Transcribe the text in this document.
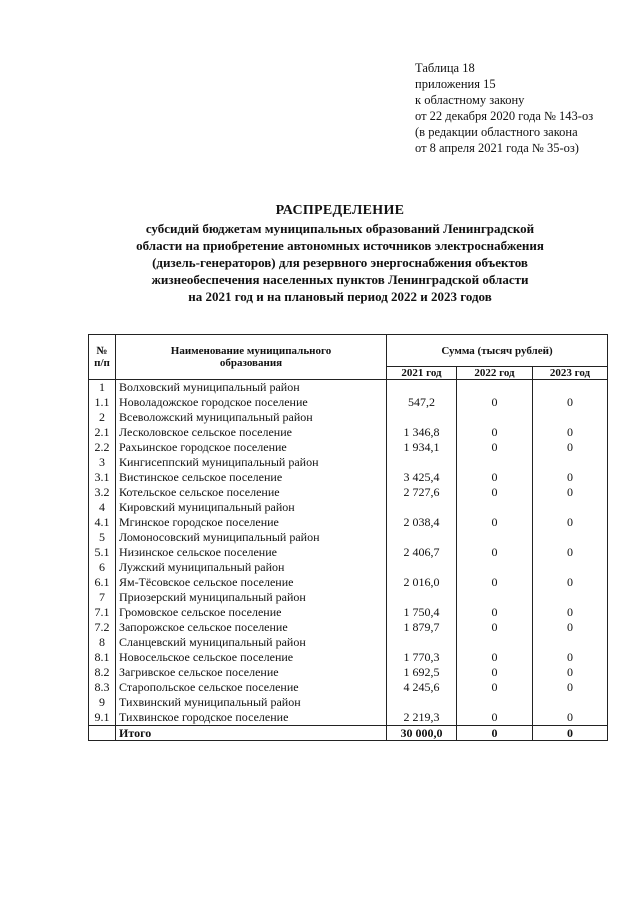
Таблица 18
приложения 15
к областному закону
от 22 декабря 2020 года № 143-оз
(в редакции областного закона
от 8 апреля 2021 года № 35-оз)
РАСПРЕДЕЛЕНИЕ
субсидий бюджетам муниципальных образований Ленинградской
области на приобретение автономных источников электроснабжения
(дизель-генераторов) для резервного энергоснабжения объектов
жизнеобеспечения населенных пунктов Ленинградской области
на 2021 год и на плановый период 2022 и 2023 годов
№ п/п	Наименование муниципального образования	Сумма (тысяч рублей)		
		2021 год	2022 год	2023 год
1	Волховский муниципальный район			
1.1	Новоладожское городское поселение	547,2	0	0
2	Всеволожский муниципальный район			
2.1	Лесколовское сельское поселение	1 346,8	0	0
2.2	Рахьинское городское поселение	1 934,1	0	0
3	Кингисеппский муниципальный район			
3.1	Вистинское сельское поселение	3 425,4	0	0
3.2	Котельское сельское поселение	2 727,6	0	0
4	Кировский муниципальный район			
4.1	Мгинское городское поселение	2 038,4	0	0
5	Ломоносовский муниципальный район			
5.1	Низинское сельское поселение	2 406,7	0	0
6	Лужский муниципальный район			
6.1	Ям-Тёсовское сельское поселение	2 016,0	0	0
7	Приозерский муниципальный район			
7.1	Громовское сельское поселение	1 750,4	0	0
7.2	Запорожское сельское поселение	1 879,7	0	0
8	Сланцевский муниципальный район			
8.1	Новосельское сельское поселение	1 770,3	0	0
8.2	Загривское сельское поселение	1 692,5	0	0
8.3	Старопольское сельское поселение	4 245,6	0	0
9	Тихвинский муниципальный район			
9.1	Тихвинское городское поселение	2 219,3	0	0
	Итого	30 000,0	0	0
